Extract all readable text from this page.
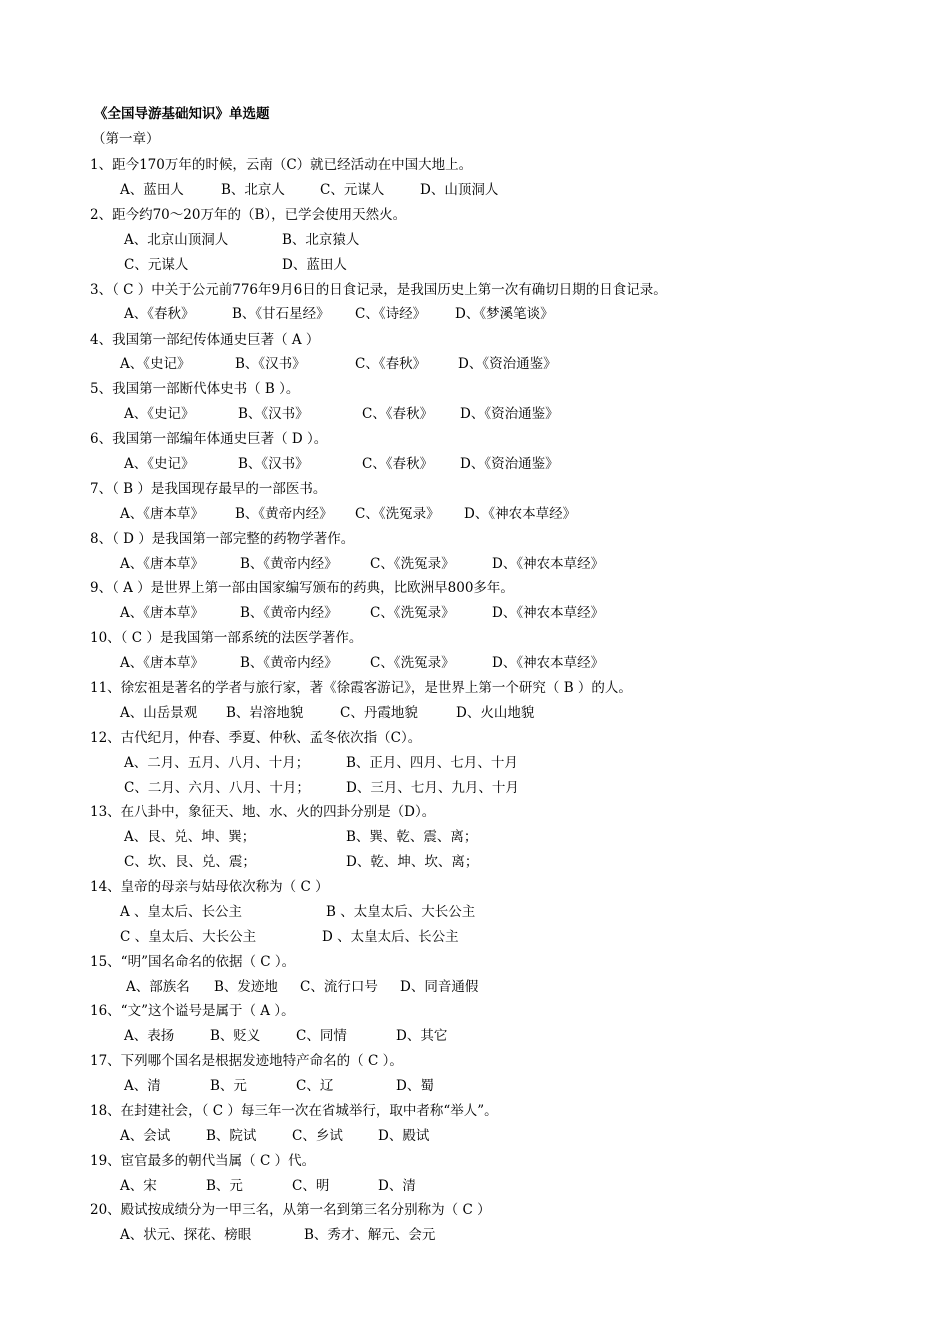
《全国导游基础知识》单选题
（第一章）
1、距今170万年的时候，云南（C）就已经活动在中国大地上。
A、蓝田人	B、北京人	C、元谋人	D、山顶洞人
2、距今约70～20万年的（B），已学会使用天然火。
A、北京山顶洞人	B、北京猿人
C、元谋人	D、蓝田人
3、（ C ）中关于公元前776年9月6日的日食记录，是我国历史上第一次有确切日期的日食记录。
A、《春秋》	B、《甘石星经》 C、《诗经》 D、《梦溪笔谈》
4、我国第一部纪传体通史巨著（ A ）
A、《史记》	B、《汉书》	C、《春秋》 D、《资治通鉴》
5、我国第一部断代体史书（ B ）。
A、《史记》	B、《汉书》	C、《春秋》 D、《资治通鉴》
6、我国第一部编年体通史巨著（ D ）。
A、《史记》	B、《汉书》	C、《春秋》 D、《资治通鉴》
7、（ B ）是我国现存最早的一部医书。
A、《唐本草》 B、《黄帝内经》 C、《洗冤录》 D、《神农本草经》
8、（ D ）是我国第一部完整的药物学著作。
A、《唐本草》	B、《黄帝内经》 C、《洗冤录》	D、《神农本草经》
9、（ A ）是世界上第一部由国家编写颁布的药典，比欧洲早800多年。
A、《唐本草》	B、《黄帝内经》 C、《洗冤录》	D、《神农本草经》
10、（ C ）是我国第一部系统的法医学著作。
A、《唐本草》	B、《黄帝内经》 C、《洗冤录》	D、《神农本草经》
11、徐宏祖是著名的学者与旅行家，著《徐霞客游记》，是世界上第一个研究（ B ）的人。
A、山岳景观 B、岩溶地貌	C、丹霞地貌	D、火山地貌
12、古代纪月，仲春、季夏、仲秋、孟冬依次指（C）。
A、二月、五月、八月、十月；	B、正月、四月、七月、十月
C、二月、六月、八月、十月；	D、三月、七月、九月、十月
13、在八卦中，象征天、地、水、火的四卦分别是（D）。
A、艮、兑、坤、巽；	B、巽、乾、震、离；
C、坎、艮、兑、震；	D、乾、坤、坎、离；
14、皇帝的母亲与姑母依次称为（ C ）
A 、皇太后、长公主	B 、太皇太后、大长公主
C 、皇太后、大长公主	D 、太皇太后、长公主
15、“明”国名命名的依据（ C ）。
A、部族名 B、发迹地 C、流行口号 D、同音通假
16、“文”这个谥号是属于（ A ）。
A、表扬	B、贬义	C、同情	D、其它
17、下列哪个国名是根据发迹地特产命名的（ C ）。
A、清	B、元	C、辽	D、蜀
18、在封建社会，（ C ）每三年一次在省城举行，取中者称“举人”。
A、会试	B、院试	C、乡试	D、殿试
19、宦官最多的朝代当属（ C ）代。
A、宋	B、元	C、明	D、清
20、殿试按成绩分为一甲三名，从第一名到第三名分别称为（ C ）
A、状元、探花、榜眼	B、秀才、解元、会元
